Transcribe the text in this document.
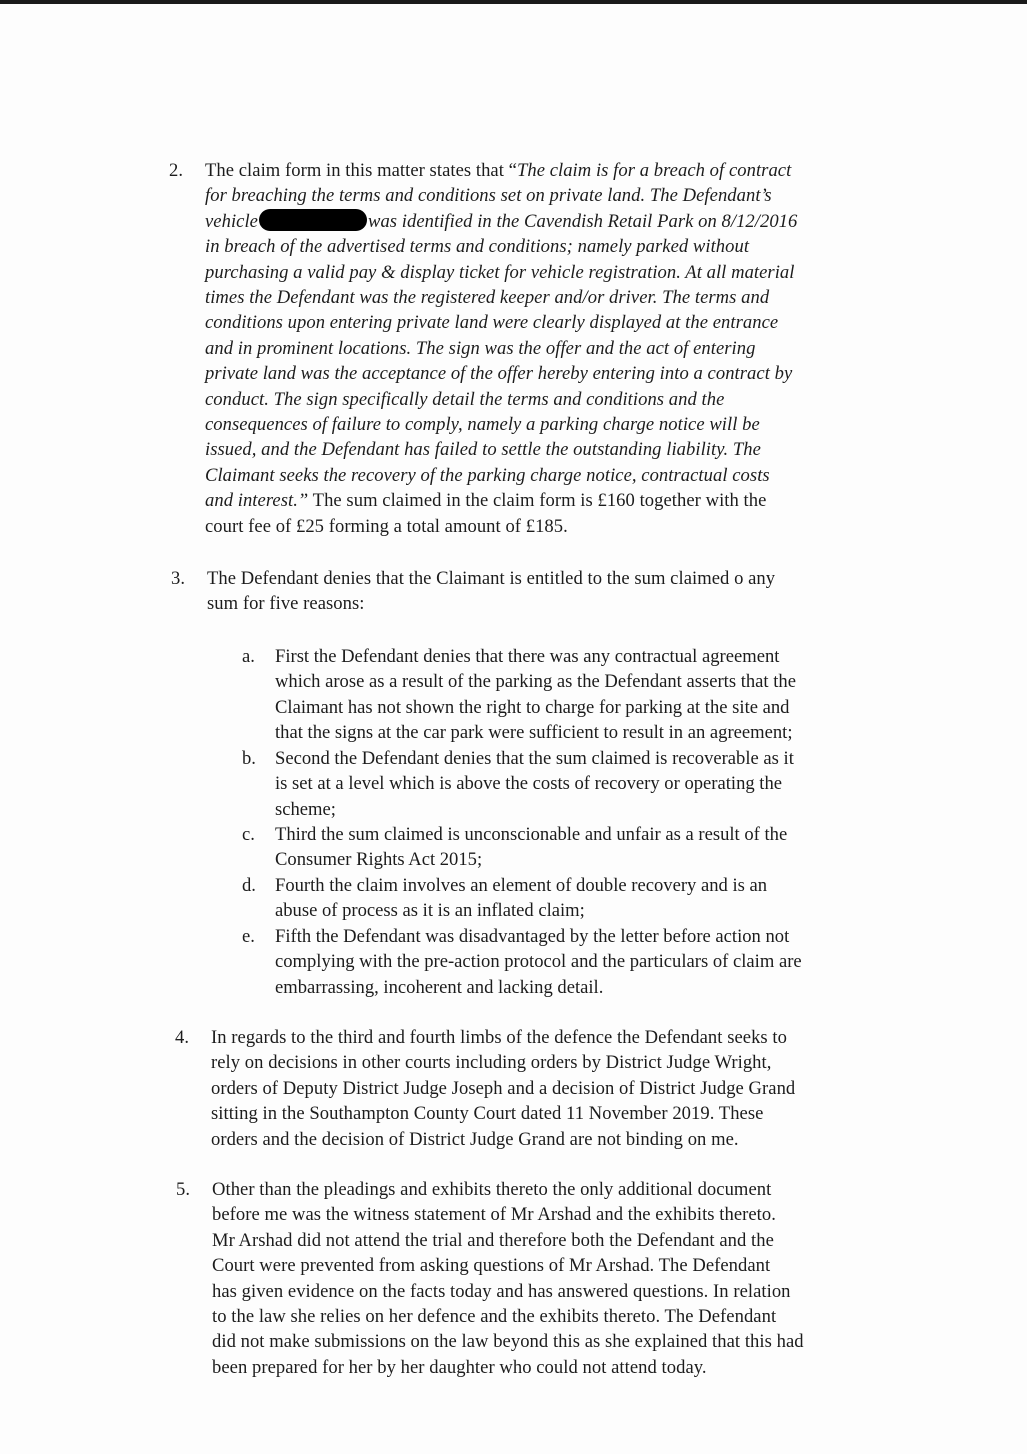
2. The claim form in this matter states that “The claim is for a breach of contract
for breaching the terms and conditions set on private land. The Defendant’s
vehicle	was identified in the Cavendish Retail Park on 8/12/2016
in breach of the advertised terms and conditions; namely parked without
purchasing a valid pay & display ticket for vehicle registration. At all material
times the Defendant was the registered keeper and/or driver. The terms and
conditions upon entering private land were clearly displayed at the entrance
and in prominent locations. The sign was the offer and the act of entering
private land was the acceptance of the offer hereby entering into a contract by
conduct. The sign specifically detail the terms and conditions and the
consequences of failure to comply, namely a parking charge notice will be
issued, and the Defendant has failed to settle the outstanding liability. The
Claimant seeks the recovery of the parking charge notice, contractual costs
and interest.” The sum claimed in the claim form is £160 together with the
court fee of £25 forming a total amount of £185.
3. The Defendant denies that the Claimant is entitled to the sum claimed o any
sum for five reasons:
a. First the Defendant denies that there was any contractual agreement
which arose as a result of the parking as the Defendant asserts that the
Claimant has not shown the right to charge for parking at the site and
that the signs at the car park were sufficient to result in an agreement;
b. Second the Defendant denies that the sum claimed is recoverable as it
is set at a level which is above the costs of recovery or operating the
scheme;
c. Third the sum claimed is unconscionable and unfair as a result of the
Consumer Rights Act 2015;
d. Fourth the claim involves an element of double recovery and is an
abuse of process as it is an inflated claim;
e. Fifth the Defendant was disadvantaged by the letter before action not
complying with the pre-action protocol and the particulars of claim are
embarrassing, incoherent and lacking detail.
4. In regards to the third and fourth limbs of the defence the Defendant seeks to
rely on decisions in other courts including orders by District Judge Wright,
orders of Deputy District Judge Joseph and a decision of District Judge Grand
sitting in the Southampton County Court dated 11 November 2019. These
orders and the decision of District Judge Grand are not binding on me.
5. Other than the pleadings and exhibits thereto the only additional document
before me was the witness statement of Mr Arshad and the exhibits thereto.
Mr Arshad did not attend the trial and therefore both the Defendant and the
Court were prevented from asking questions of Mr Arshad. The Defendant
has given evidence on the facts today and has answered questions. In relation
to the law she relies on her defence and the exhibits thereto. The Defendant
did not make submissions on the law beyond this as she explained that this had
been prepared for her by her daughter who could not attend today.
